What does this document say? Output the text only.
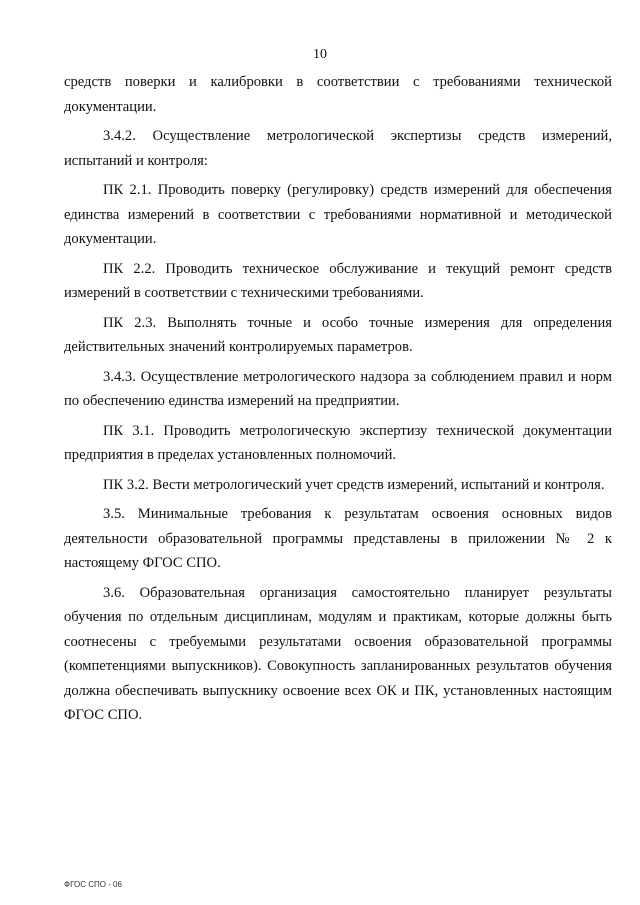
10

средств поверки и калибровки в соответствии с требованиями технической документации.

3.4.2. Осуществление метрологической экспертизы средств измерений, испытаний и контроля:

ПК 2.1. Проводить поверку (регулировку) средств измерений для обеспечения единства измерений в соответствии с требованиями нормативной и методической документации.

ПК 2.2. Проводить техническое обслуживание и текущий ремонт средств измерений в соответствии с техническими требованиями.

ПК 2.3. Выполнять точные и особо точные измерения для определения действительных значений контролируемых параметров.

3.4.3. Осуществление метрологического надзора за соблюдением правил и норм по обеспечению единства измерений на предприятии.

ПК 3.1. Проводить метрологическую экспертизу технической документации предприятия в пределах установленных полномочий.

ПК 3.2. Вести метрологический учет средств измерений, испытаний и контроля.

3.5. Минимальные требования к результатам освоения основных видов деятельности образовательной программы представлены в приложении № 2 к настоящему ФГОС СПО.

3.6. Образовательная организация самостоятельно планирует результаты обучения по отдельным дисциплинам, модулям и практикам, которые должны быть соотнесены с требуемыми результатами освоения образовательной программы (компетенциями выпускников). Совокупность запланированных результатов обучения должна обеспечивать выпускнику освоение всех ОК и ПК, установленных настоящим ФГОС СПО.

ФГОС СПО - 06
